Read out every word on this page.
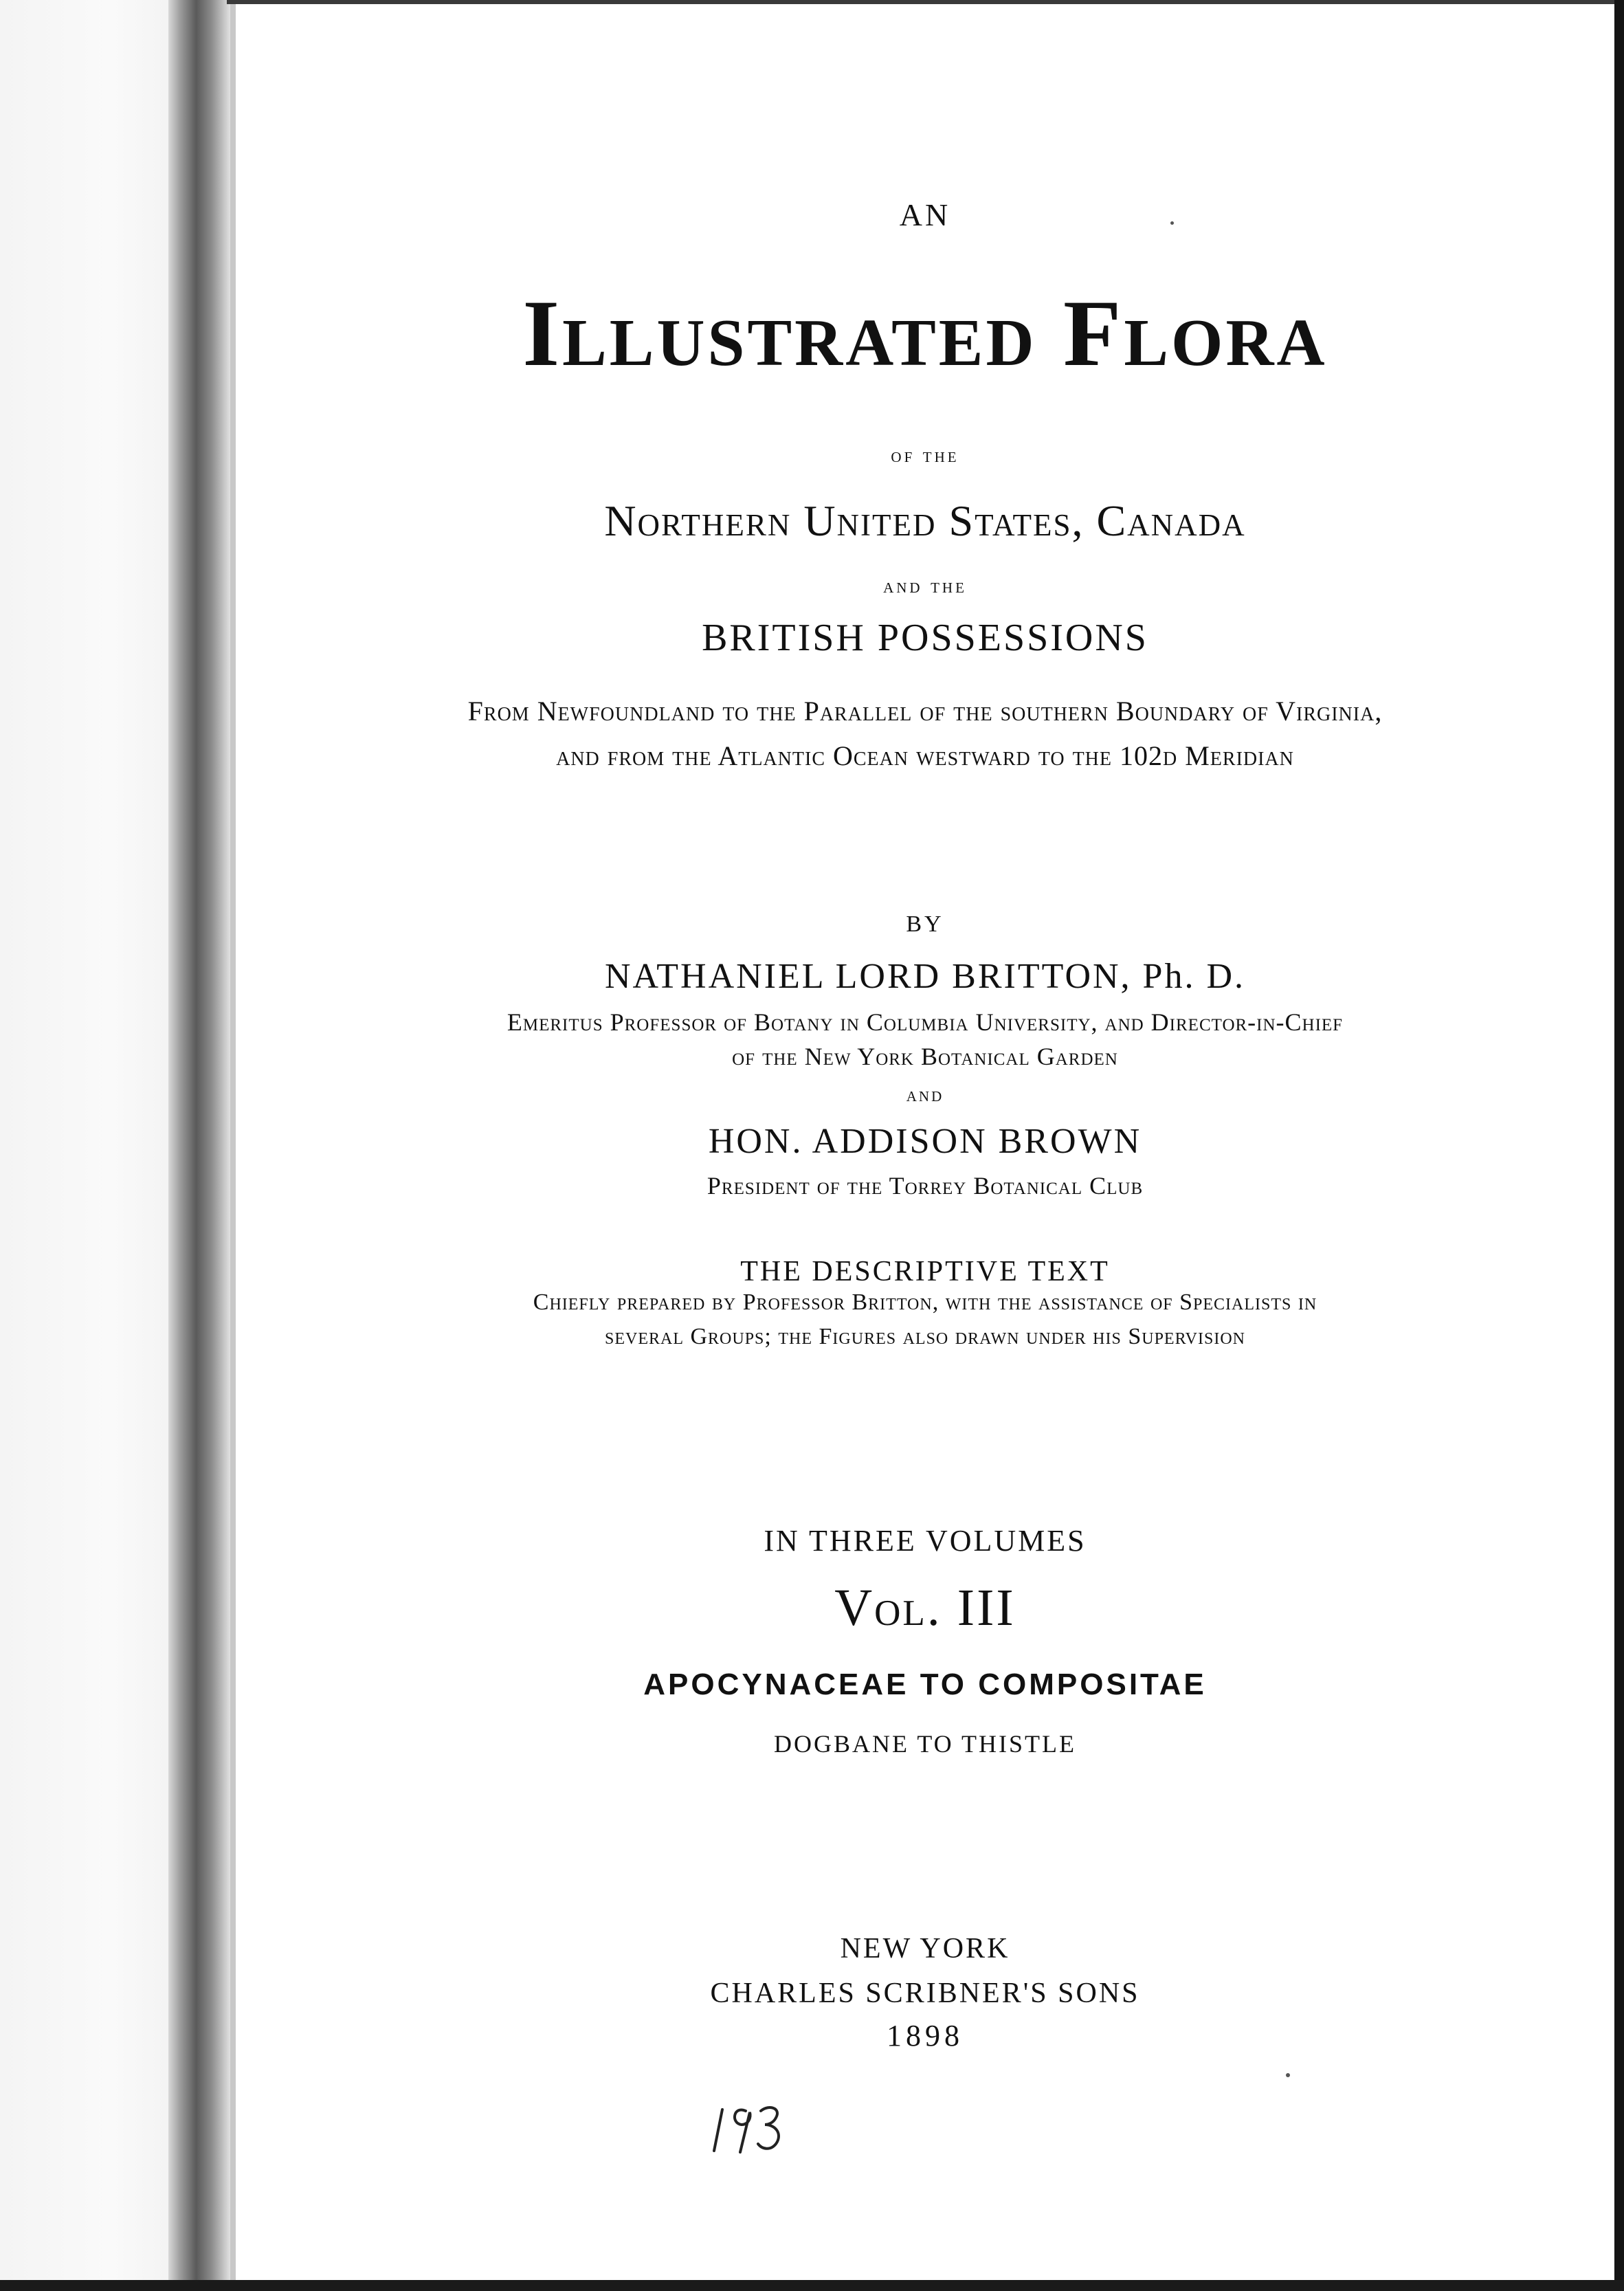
AN

Illustrated Flora

of the

Northern United States, Canada

and the

BRITISH POSSESSIONS

From Newfoundland to the Parallel of the southern Boundary of Virginia,

and from the Atlantic Ocean westward to the 102d Meridian

BY

NATHANIEL LORD BRITTON, Ph. D.

Emeritus Professor of Botany in Columbia University, and Director-in-Chief

of the New York Botanical Garden

and

HON. ADDISON BROWN

President of the Torrey Botanical Club

THE DESCRIPTIVE TEXT

Chiefly prepared by Professor Britton, with the assistance of Specialists in

several Groups; the Figures also drawn under his Supervision

IN THREE VOLUMES

Vol. III

APOCYNACEAE TO COMPOSITAE

DOGBANE TO THISTLE

NEW YORK

CHARLES SCRIBNER'S SONS

1898
